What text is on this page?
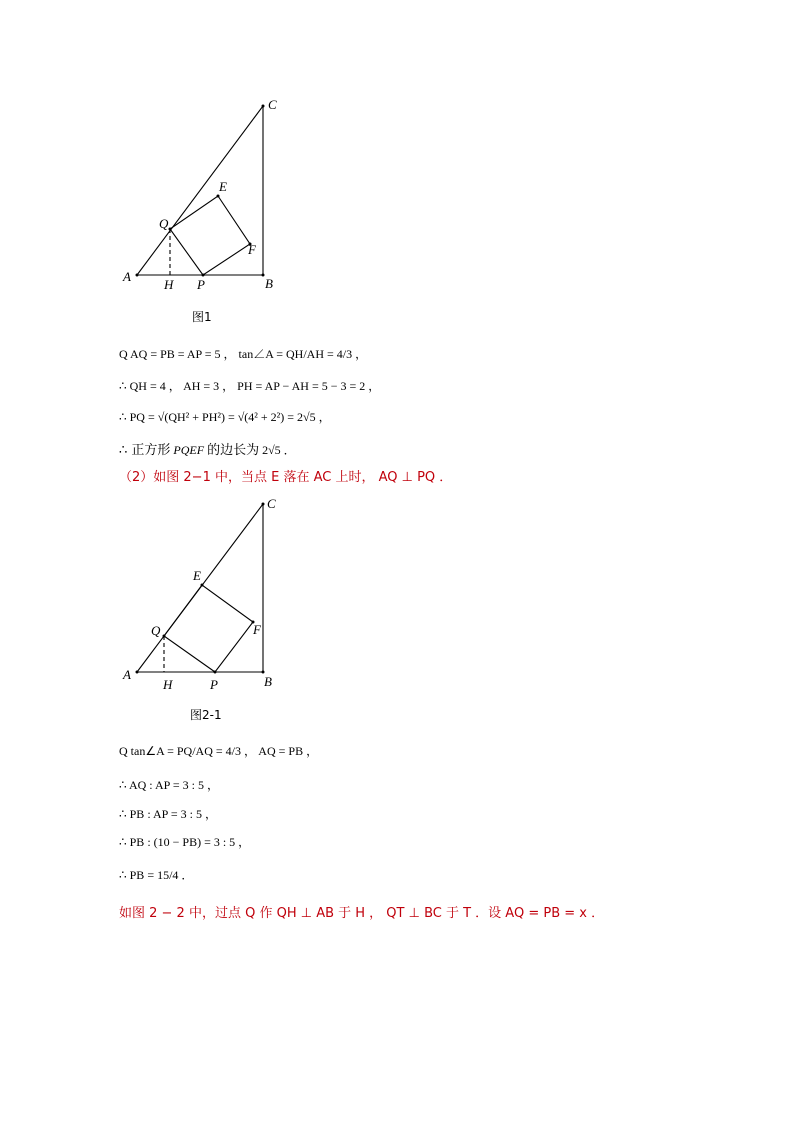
C
E
Q
F
A
H P	B
图1
Q AQ = PB = AP = 5 ， tan∠A = QH/AH = 4/3 ，
∴ QH = 4 ， AH = 3 ， PH = AP − AH = 5 − 3 = 2 ，
∴ PQ = √(QH² + PH²) = √(4² + 2²) = 2√5 ，
∴ 正方形 PQEF 的边长为 2√5 ．
（2）如图 2−1 中，当点 E 落在 AC 上时， AQ ⊥ PQ ．
C
E
Q	F
A
H	P	B
图2-1
Q tan∠A = PQ/AQ = 4/3 ， AQ = PB ，
∴ AQ : AP = 3 : 5 ，
∴ PB : AP = 3 : 5 ，
∴ PB : (10 − PB) = 3 : 5 ，
∴ PB = 15/4 ．
如图 2 − 2 中，过点 Q 作 QH ⊥ AB 于 H ， QT ⊥ BC 于 T ．设 AQ = PB = x ．
